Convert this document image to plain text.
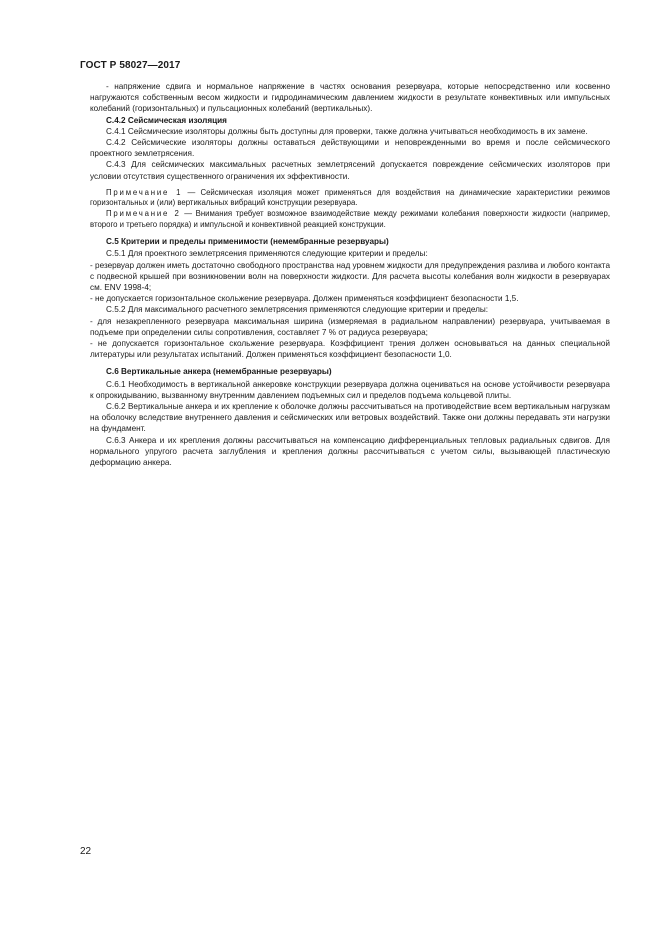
ГОСТ Р 58027—2017

- напряжение сдвига и нормальное напряжение в частях основания резервуара, которые непосредственно или косвенно нагружаются собственным весом жидкости и гидродинамическим давлением жидкости в результате конвективных или импульсных колебаний (горизонтальных) и пульсационных колебаний (вертикальных).

С.4.2 Сейсмическая изоляция

С.4.1 Сейсмические изоляторы должны быть доступны для проверки, также должна учитываться необходимость в их замене.

С.4.2 Сейсмические изоляторы должны оставаться действующими и неповрежденными во время и после сейсмического проектного землетрясения.

С.4.3 Для сейсмических максимальных расчетных землетрясений допускается повреждение сейсмических изоляторов при условии отсутствия существенного ограничения их эффективности.

Примечание 1 — Сейсмическая изоляция может применяться для воздействия на динамические характеристики режимов горизонтальных и (или) вертикальных вибраций конструкции резервуара.

Примечание 2 — Внимания требует возможное взаимодействие между режимами колебания поверхности жидкости (например, второго и третьего порядка) и импульсной и конвективной реакцией конструкции.

С.5 Критерии и пределы применимости (немембранные резервуары)

С.5.1 Для проектного землетрясения применяются следующие критерии и пределы:

- резервуар должен иметь достаточно свободного пространства над уровнем жидкости для предупреждения разлива и любого контакта с подвесной крышей при возникновении волн на поверхности жидкости. Для расчета высоты колебания волн жидкости в резервуарах см. ENV 1998-4;

- не допускается горизонтальное скольжение резервуара. Должен применяться коэффициент безопасности 1,5.

С.5.2 Для максимального расчетного землетрясения применяются следующие критерии и пределы:

- для незакрепленного резервуара максимальная ширина (измеряемая в радиальном направлении) резервуара, учитываемая в подъеме при определении силы сопротивления, составляет 7 % от радиуса резервуара;

- не допускается горизонтальное скольжение резервуара. Коэффициент трения должен основываться на данных специальной литературы или результатах испытаний. Должен применяться коэффициент безопасности 1,0.

С.6 Вертикальные анкера (немембранные резервуары)

С.6.1 Необходимость в вертикальной анкеровке конструкции резервуара должна оцениваться на основе устойчивости резервуара к опрокидыванию, вызванному внутренним давлением подъемных сил и пределов подъема кольцевой плиты.

С.6.2 Вертикальные анкера и их крепление к оболочке должны рассчитываться на противодействие всем вертикальным нагрузкам на оболочку вследствие внутреннего давления и сейсмических или ветровых воздействий. Также они должны передавать эти нагрузки на фундамент.

С.6.3 Анкера и их крепления должны рассчитываться на компенсацию дифференциальных тепловых радиальных сдвигов. Для нормального упругого расчета заглубления и крепления должны рассчитываться с учетом силы, вызывающей пластическую деформацию анкера.

22
